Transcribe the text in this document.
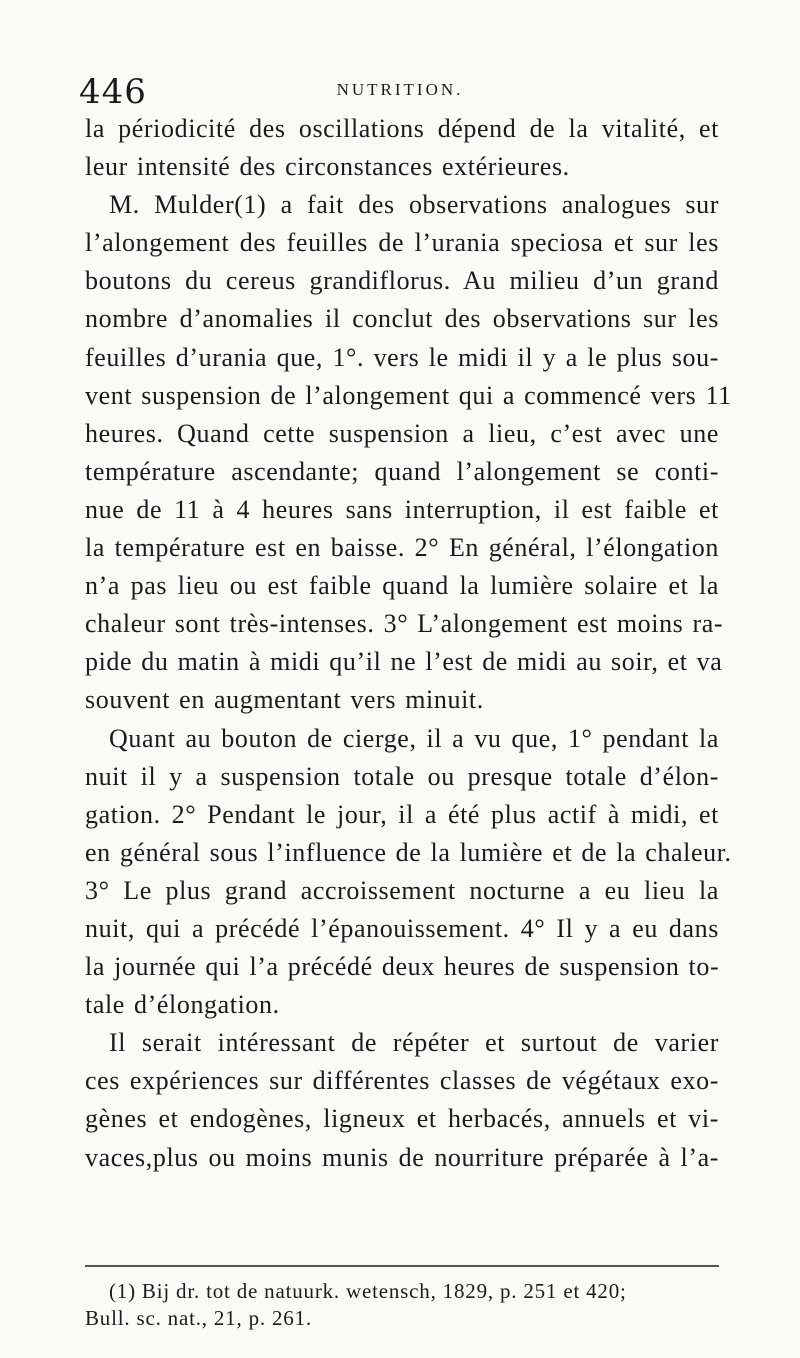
446	NUTRITION.
la périodicité des oscillations dépend de la vitalité, et
leur intensité des circonstances extérieures.
M. Mulder(1) a fait des observations analogues sur
l’alongement des feuilles de l’urania speciosa et sur les
boutons du cereus grandiflorus. Au milieu d’un grand
nombre d’anomalies il conclut des observations sur les
feuilles d’urania que, 1°. vers le midi il y a le plus sou-
vent suspension de l’alongement qui a commencé vers 11
heures. Quand cette suspension a lieu, c’est avec une
température ascendante; quand l’alongement se conti-
nue de 11 à 4 heures sans interruption, il est faible et
la température est en baisse. 2° En général, l’élongation
n’a pas lieu ou est faible quand la lumière solaire et la
chaleur sont très-intenses. 3° L’alongement est moins ra-
pide du matin à midi qu’il ne l’est de midi au soir, et va
souvent en augmentant vers minuit.
Quant au bouton de cierge, il a vu que, 1° pendant la
nuit il y a suspension totale ou presque totale d’élon-
gation. 2° Pendant le jour, il a été plus actif à midi, et
en général sous l’influence de la lumière et de la chaleur.
3° Le plus grand accroissement nocturne a eu lieu la
nuit, qui a précédé l’épanouissement. 4° Il y a eu dans
la journée qui l’a précédé deux heures de suspension to-
tale d’élongation.
Il serait intéressant de répéter et surtout de varier
ces expériences sur différentes classes de végétaux exo-
gènes et endogènes, ligneux et herbacés, annuels et vi-
vaces,plus ou moins munis de nourriture préparée à l’a-
(1) Bij dr. tot de natuurk. wetensch, 1829, p. 251 et 420;
Bull. sc. nat., 21, p. 261.
